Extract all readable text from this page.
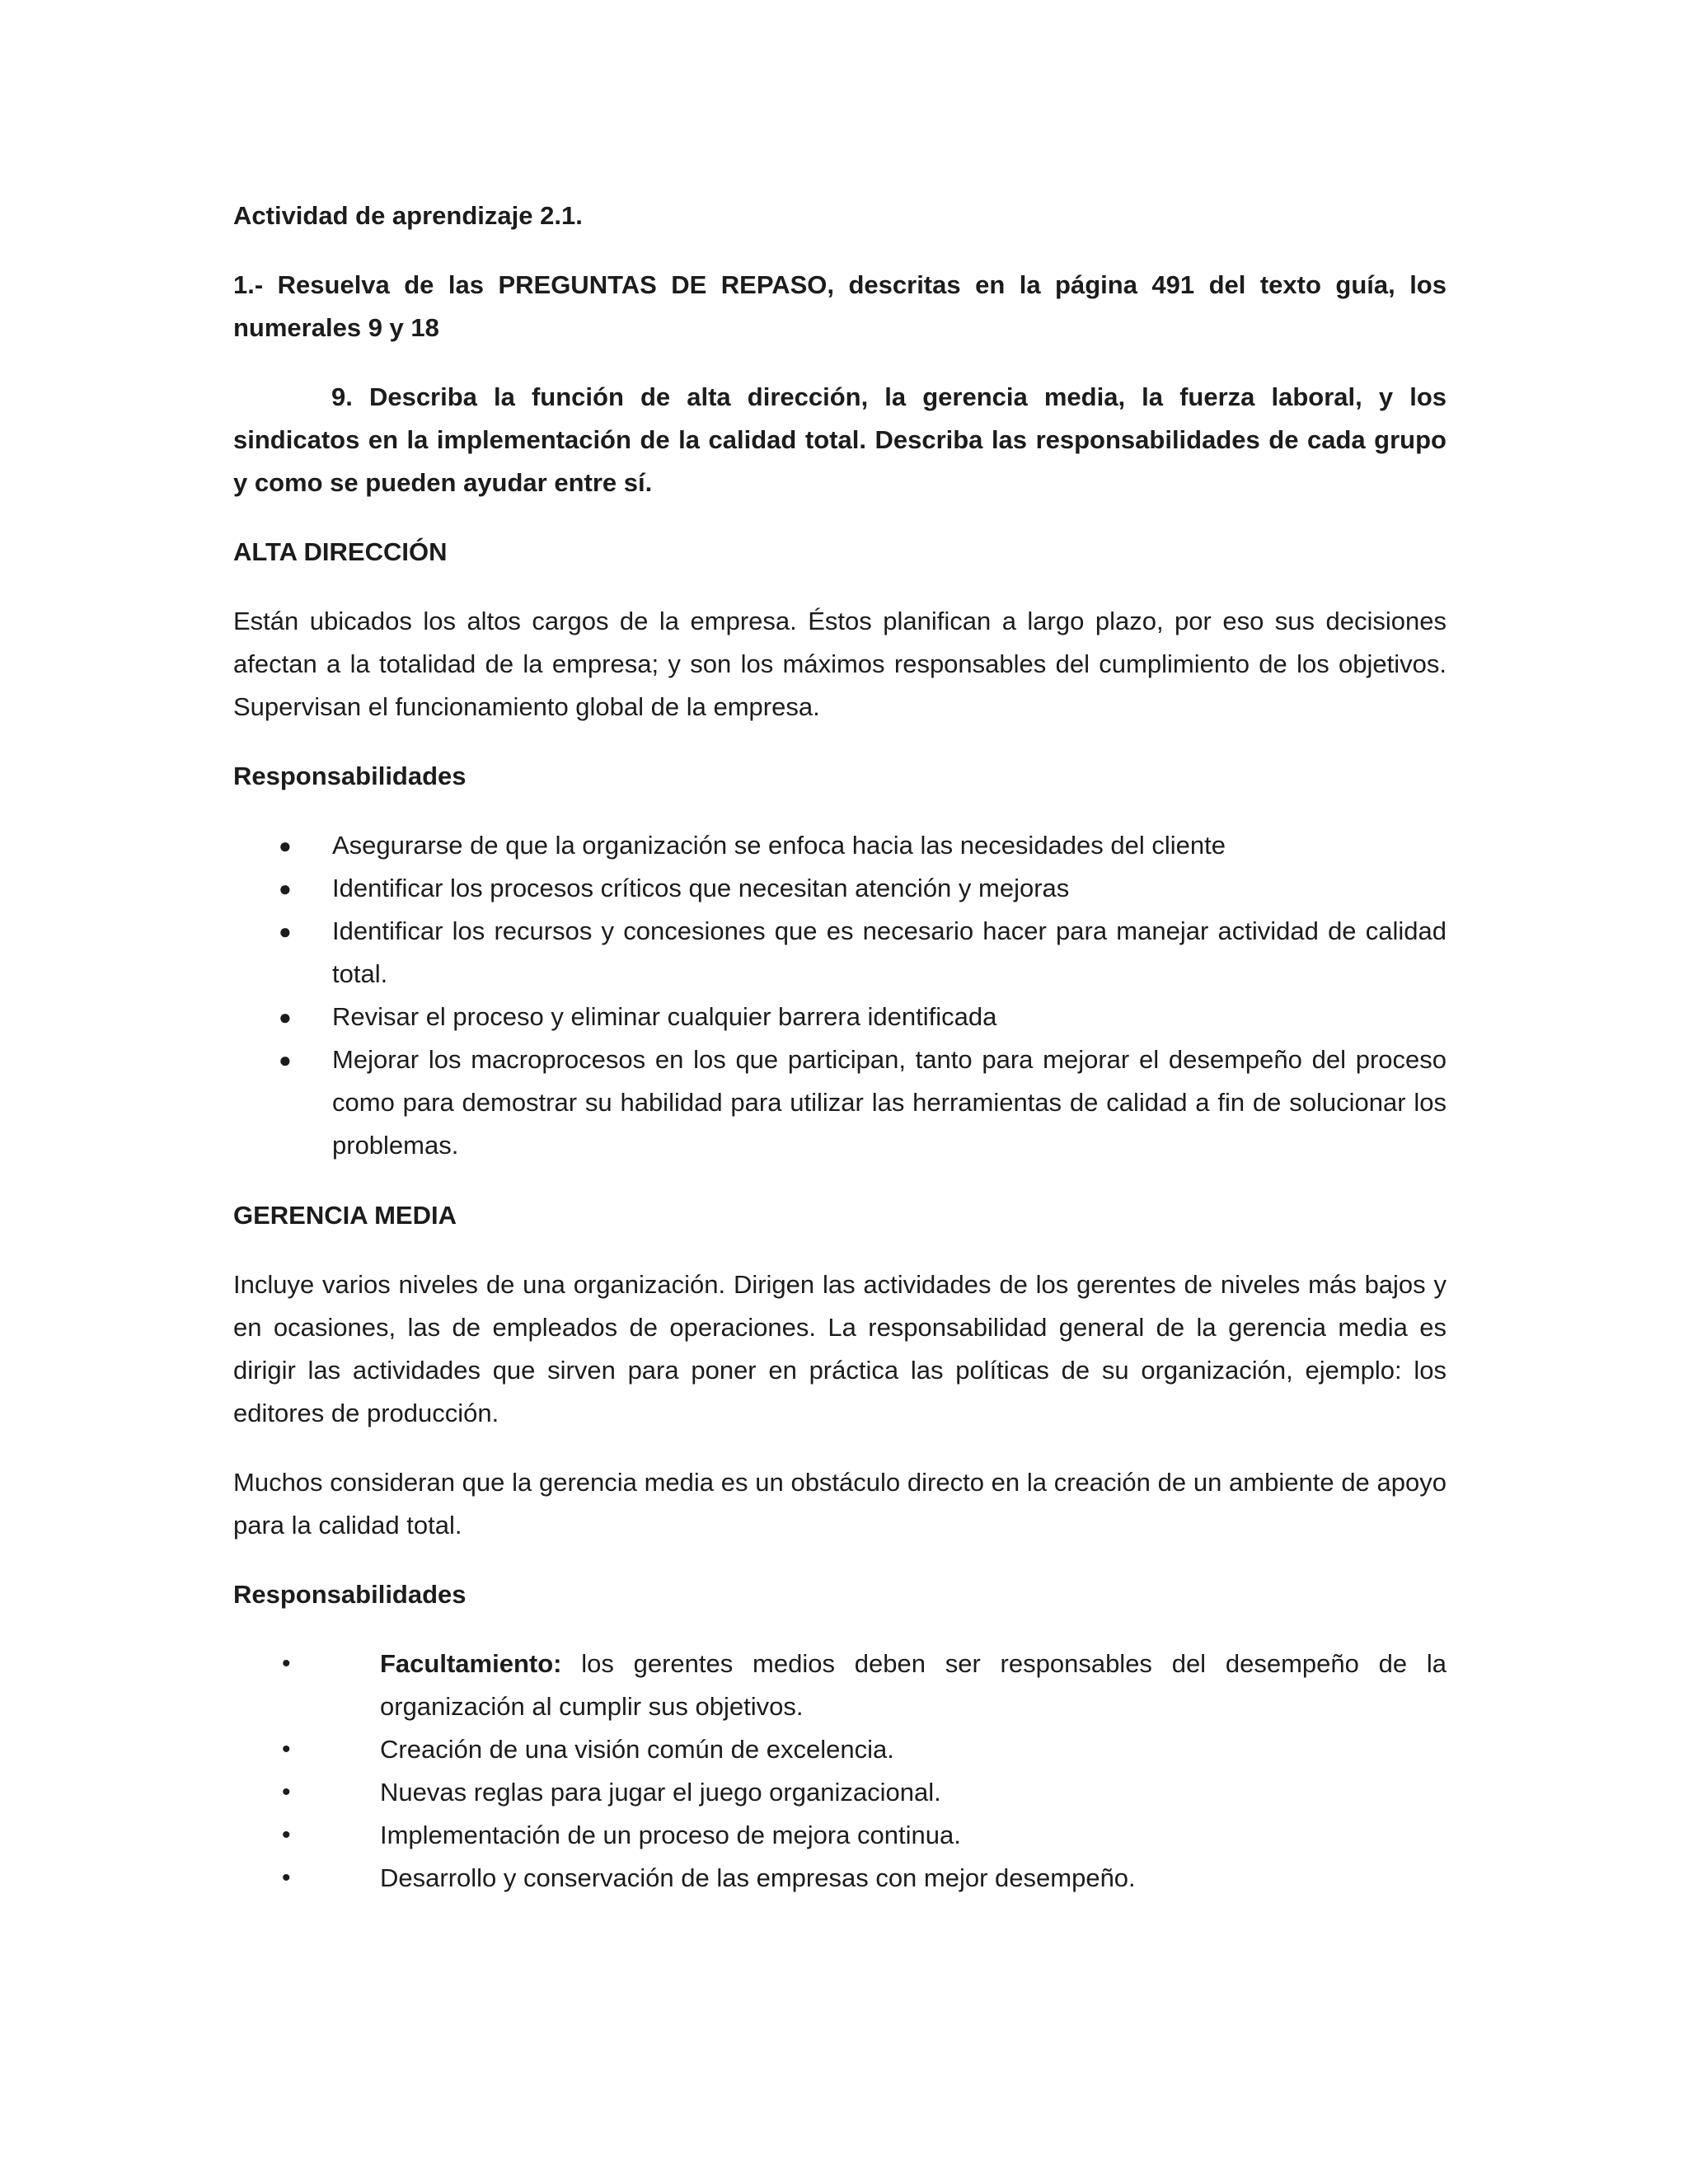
Actividad de aprendizaje 2.1.

1.- Resuelva de las PREGUNTAS DE REPASO, descritas en la página 491 del texto guía, los numerales 9 y 18

9. Describa la función de alta dirección, la gerencia media, la fuerza laboral, y los sindicatos en la implementación de la calidad total. Describa las responsabilidades de cada grupo y como se pueden ayudar entre sí.

ALTA DIRECCIÓN

Están ubicados los altos cargos de la empresa. Éstos planifican a largo plazo, por eso sus decisiones afectan a la totalidad de la empresa; y son los máximos responsables del cumplimiento de los objetivos. Supervisan el funcionamiento global de la empresa.

Responsabilidades

● Asegurarse de que la organización se enfoca hacia las necesidades del cliente
● Identificar los procesos críticos que necesitan atención y mejoras
● Identificar los recursos y concesiones que es necesario hacer para manejar actividad de calidad total.
● Revisar el proceso y eliminar cualquier barrera identificada
● Mejorar los macroprocesos en los que participan, tanto para mejorar el desempeño del proceso como para demostrar su habilidad para utilizar las herramientas de calidad a fin de solucionar los problemas.

GERENCIA MEDIA

Incluye varios niveles de una organización. Dirigen las actividades de los gerentes de niveles más bajos y en ocasiones, las de empleados de operaciones. La responsabilidad general de la gerencia media es dirigir las actividades que sirven para poner en práctica las políticas de su organización, ejemplo: los editores de producción.

Muchos consideran que la gerencia media es un obstáculo directo en la creación de un ambiente de apoyo para la calidad total.

Responsabilidades

•	Facultamiento: los gerentes medios deben ser responsables del desempeño de la organización al cumplir sus objetivos.
•	Creación de una visión común de excelencia.
•	Nuevas reglas para jugar el juego organizacional.
•	Implementación de un proceso de mejora continua.
•	Desarrollo y conservación de las empresas con mejor desempeño.
